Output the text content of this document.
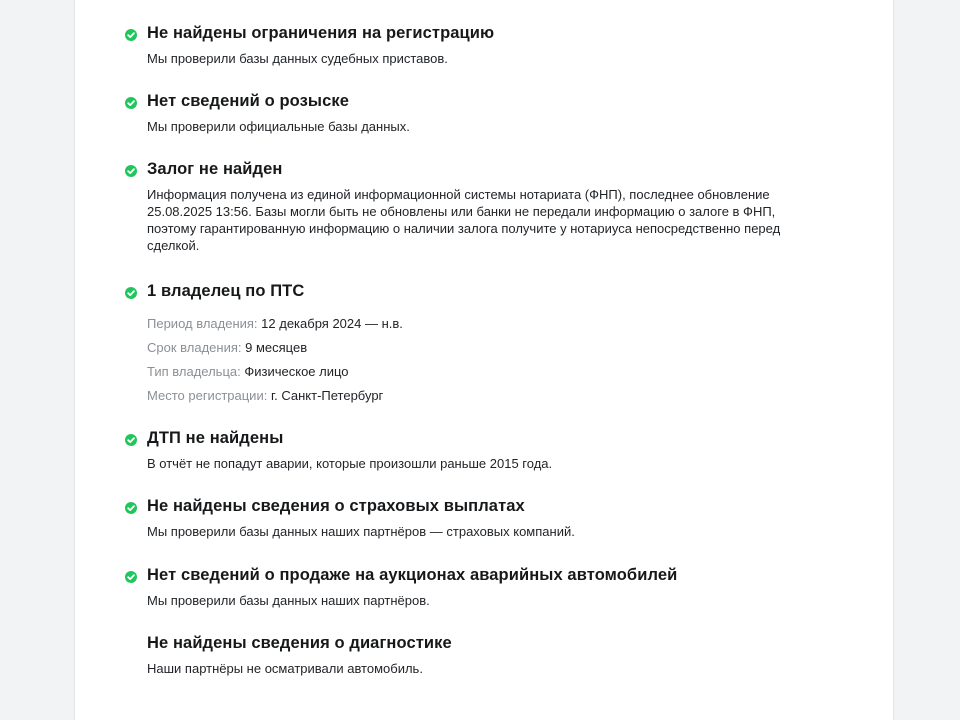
Не найдены ограничения на регистрацию
Мы проверили базы данных судебных приставов.
Нет сведений о розыске
Мы проверили официальные базы данных.
Залог не найден
Информация получена из единой информационной системы нотариата (ФНП), последнее обновление 25.08.2025 13:56. Базы могли быть не обновлены или банки не передали информацию о залоге в ФНП, поэтому гарантированную информацию о наличии залога получите у нотариуса непосредственно перед сделкой.
1 владелец по ПТС
Период владения: 12 декабря 2024 — н.в.
Срок владения: 9 месяцев
Тип владельца: Физическое лицо
Место регистрации: г. Санкт-Петербург
ДТП не найдены
В отчёт не попадут аварии, которые произошли раньше 2015 года.
Не найдены сведения о страховых выплатах
Мы проверили базы данных наших партнёров — страховых компаний.
Нет сведений о продаже на аукционах аварийных автомобилей
Мы проверили базы данных наших партнёров.
Не найдены сведения о диагностике
Наши партнёры не осматривали автомобиль.
